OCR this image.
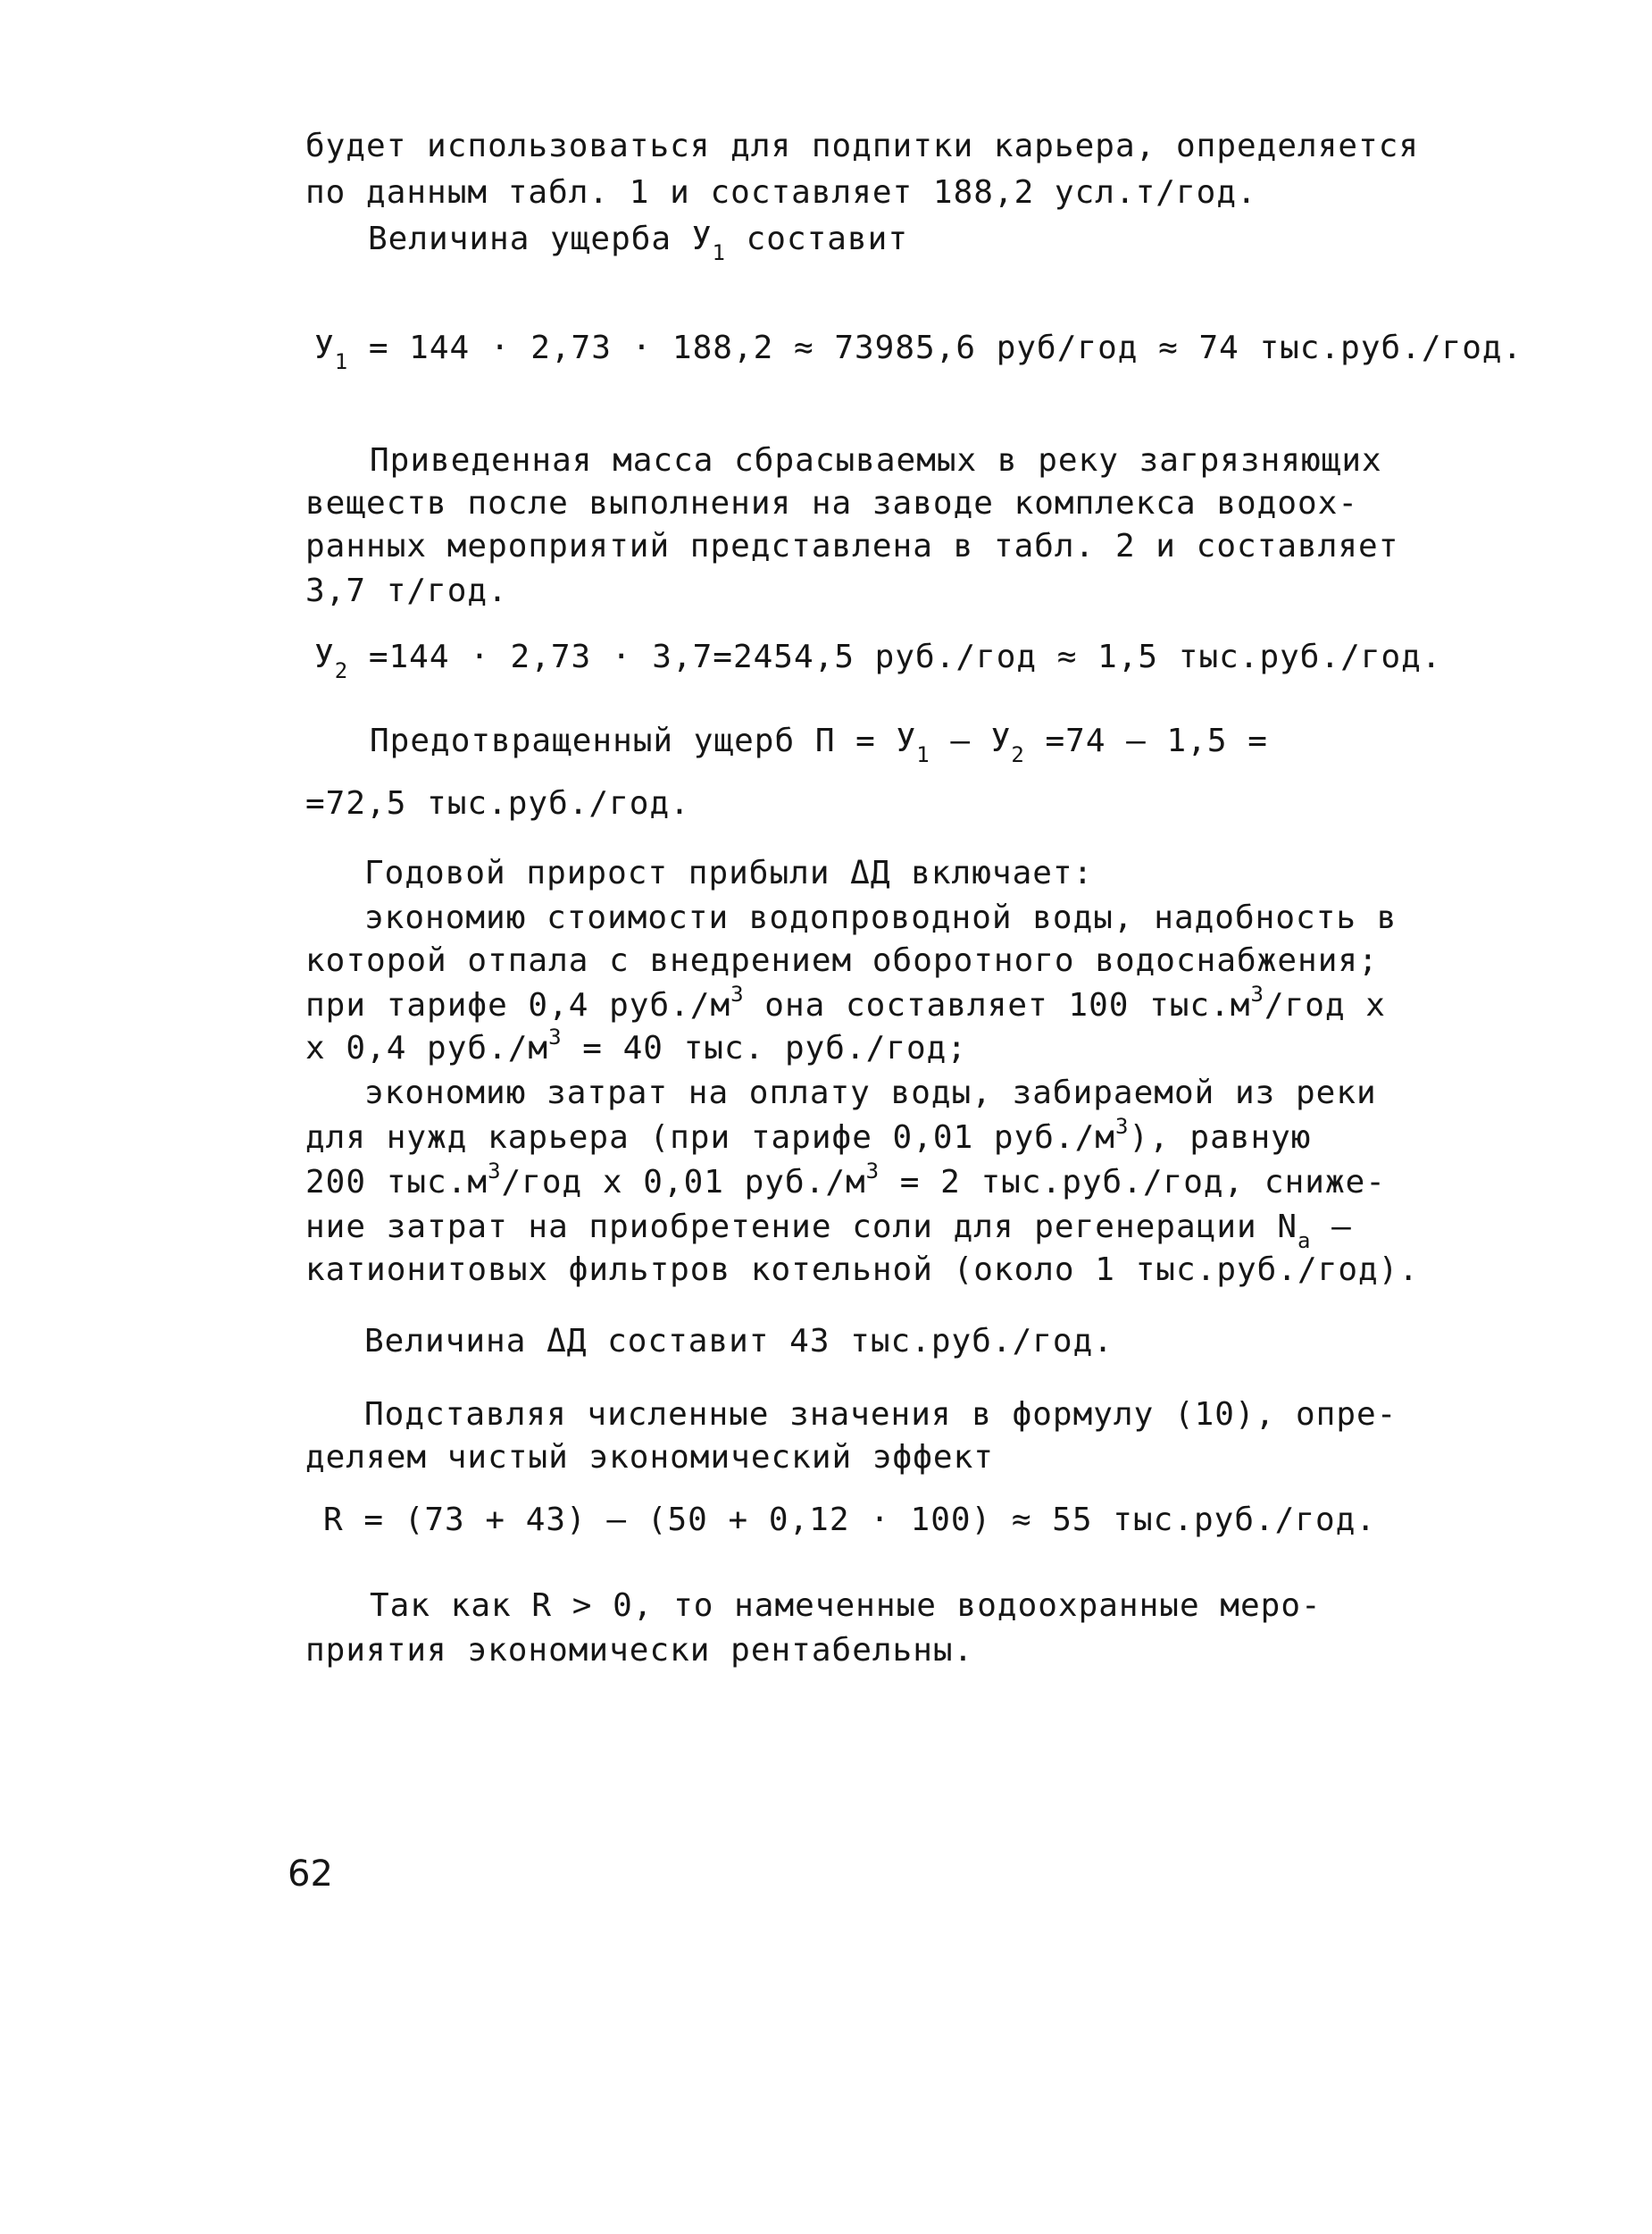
будет использоваться для подпитки карьера, определяется
по данным табл. 1 и составляет 188,2 усл.т/год.
Величина ущерба $У_1$ составит
$У_1 = 144 \cdot 2,73 \cdot 188,2 \approx 73985,6$ руб/год ≈ 74 тыс.руб./год.
Приведенная масса сбрасываемых в реку загрязняющих
веществ после выполнения на заводе комплекса водоох-
ранных мероприятий представлена в табл. 2 и составляет
3,7 т/год.
$У_2 =144 \cdot 2,73 \cdot 3,7=2454,5$ руб./год ≈ 1,5 тыс.руб./год.
Предотвращенный ущерб $П = У_1 - У_2 =74 - 1,5$ =
=72,5 тыс.руб./год.
Годовой прирост прибыли ΔД включает:
экономию стоимости водопроводной воды, надобность в
которой отпала с внедрением оборотного водоснабжения;
при тарифе 0,4 $руб./м^3$ она составляет 100 $тыс.м^3$/год х
х 0,4 $руб./м^3 = 40$ тыс. руб./год;
экономию затрат на оплату воды, забираемой из реки
для нужд карьера (при тарифе 0,01 $руб./м^3$), равную
200 $тыс.м^3$/год х 0,01 $руб./м^3 = 2$ тыс.руб./год, сниже-
ние затрат на приобретение соли для регенерации $N_a$ –
катионитовых фильтров котельной (около 1 тыс.руб./год).
Величина ΔД составит 43 тыс.руб./год.
Подставляя численные значения в формулу (10), опре-
деляем чистый экономический эффект
R = (73 + 43) – (50 + 0,12 · 100) ≈ 55 тыс.руб./год.
Так как R > 0, то намеченные водоохранные меро-
приятия экономически рентабельны.
62
